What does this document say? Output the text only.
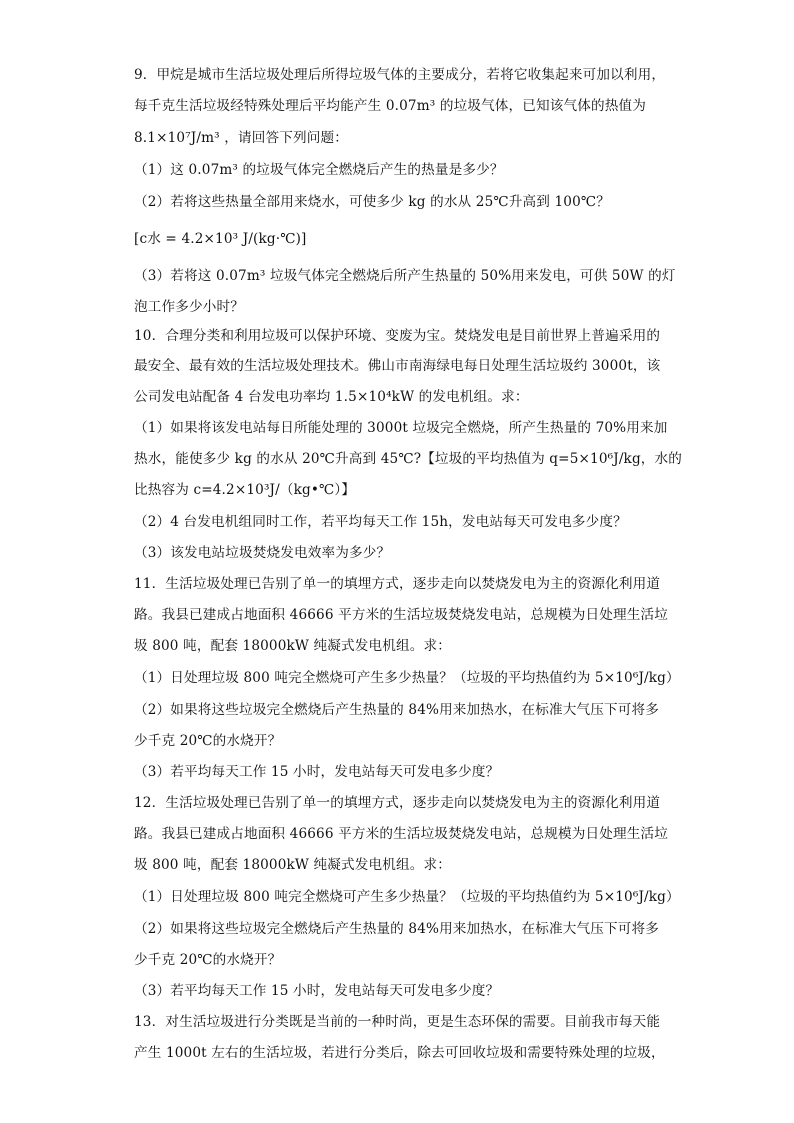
9．甲烷是城市生活垃圾处理后所得垃圾气体的主要成分，若将它收集起来可加以利用，
每千克生活垃圾经特殊处理后平均能产生 0.07m³ 的垃圾气体，已知该气体的热值为
8.1×10⁷J/m³ ，请回答下列问题：
（1）这 0.07m³ 的垃圾气体完全燃烧后产生的热量是多少？
（2）若将这些热量全部用来烧水，可使多少 kg 的水从 25℃升高到 100℃？
[c水 = 4.2×10³ J/(kg·℃)]
（3）若将这 0.07m³ 垃圾气体完全燃烧后所产生热量的 50%用来发电，可供 50W 的灯
泡工作多少小时？
10．合理分类和利用垃圾可以保护环境、变废为宝。焚烧发电是目前世界上普遍采用的
最安全、最有效的生活垃圾处理技术。佛山市南海绿电每日处理生活垃圾约 3000t，该
公司发电站配备 4 台发电功率均 1.5×10⁴kW 的发电机组。求：
（1）如果将该发电站每日所能处理的 3000t 垃圾完全燃烧，所产生热量的 70%用来加
热水，能使多少 kg 的水从 20℃升高到 45℃?【垃圾的平均热值为 q=5×10⁶J/kg，水的
比热容为 c=4.2×10³J/（kg•℃）】
（2）4 台发电机组同时工作，若平均每天工作 15h，发电站每天可发电多少度？
（3）该发电站垃圾焚烧发电效率为多少？
11．生活垃圾处理已告别了单一的填埋方式，逐步走向以焚烧发电为主的资源化利用道
路。我县已建成占地面积 46666 平方米的生活垃圾焚烧发电站，总规模为日处理生活垃
圾 800 吨，配套 18000kW 纯凝式发电机组。求：
（1）日处理垃圾 800 吨完全燃烧可产生多少热量？（垃圾的平均热值约为 5×10⁶J/kg）
（2）如果将这些垃圾完全燃烧后产生热量的 84%用来加热水，在标准大气压下可将多
少千克 20℃的水烧开？
（3）若平均每天工作 15 小时，发电站每天可发电多少度？
12．生活垃圾处理已告别了单一的填埋方式，逐步走向以焚烧发电为主的资源化利用道
路。我县已建成占地面积 46666 平方米的生活垃圾焚烧发电站，总规模为日处理生活垃
圾 800 吨，配套 18000kW 纯凝式发电机组。求：
（1）日处理垃圾 800 吨完全燃烧可产生多少热量？（垃圾的平均热值约为 5×10⁶J/kg）
（2）如果将这些垃圾完全燃烧后产生热量的 84%用来加热水，在标准大气压下可将多
少千克 20℃的水烧开？
（3）若平均每天工作 15 小时，发电站每天可发电多少度？
13．对生活垃圾进行分类既是当前的一种时尚，更是生态环保的需要。目前我市每天能
产生 1000t 左右的生活垃圾，若进行分类后，除去可回收垃圾和需要特殊处理的垃圾，
